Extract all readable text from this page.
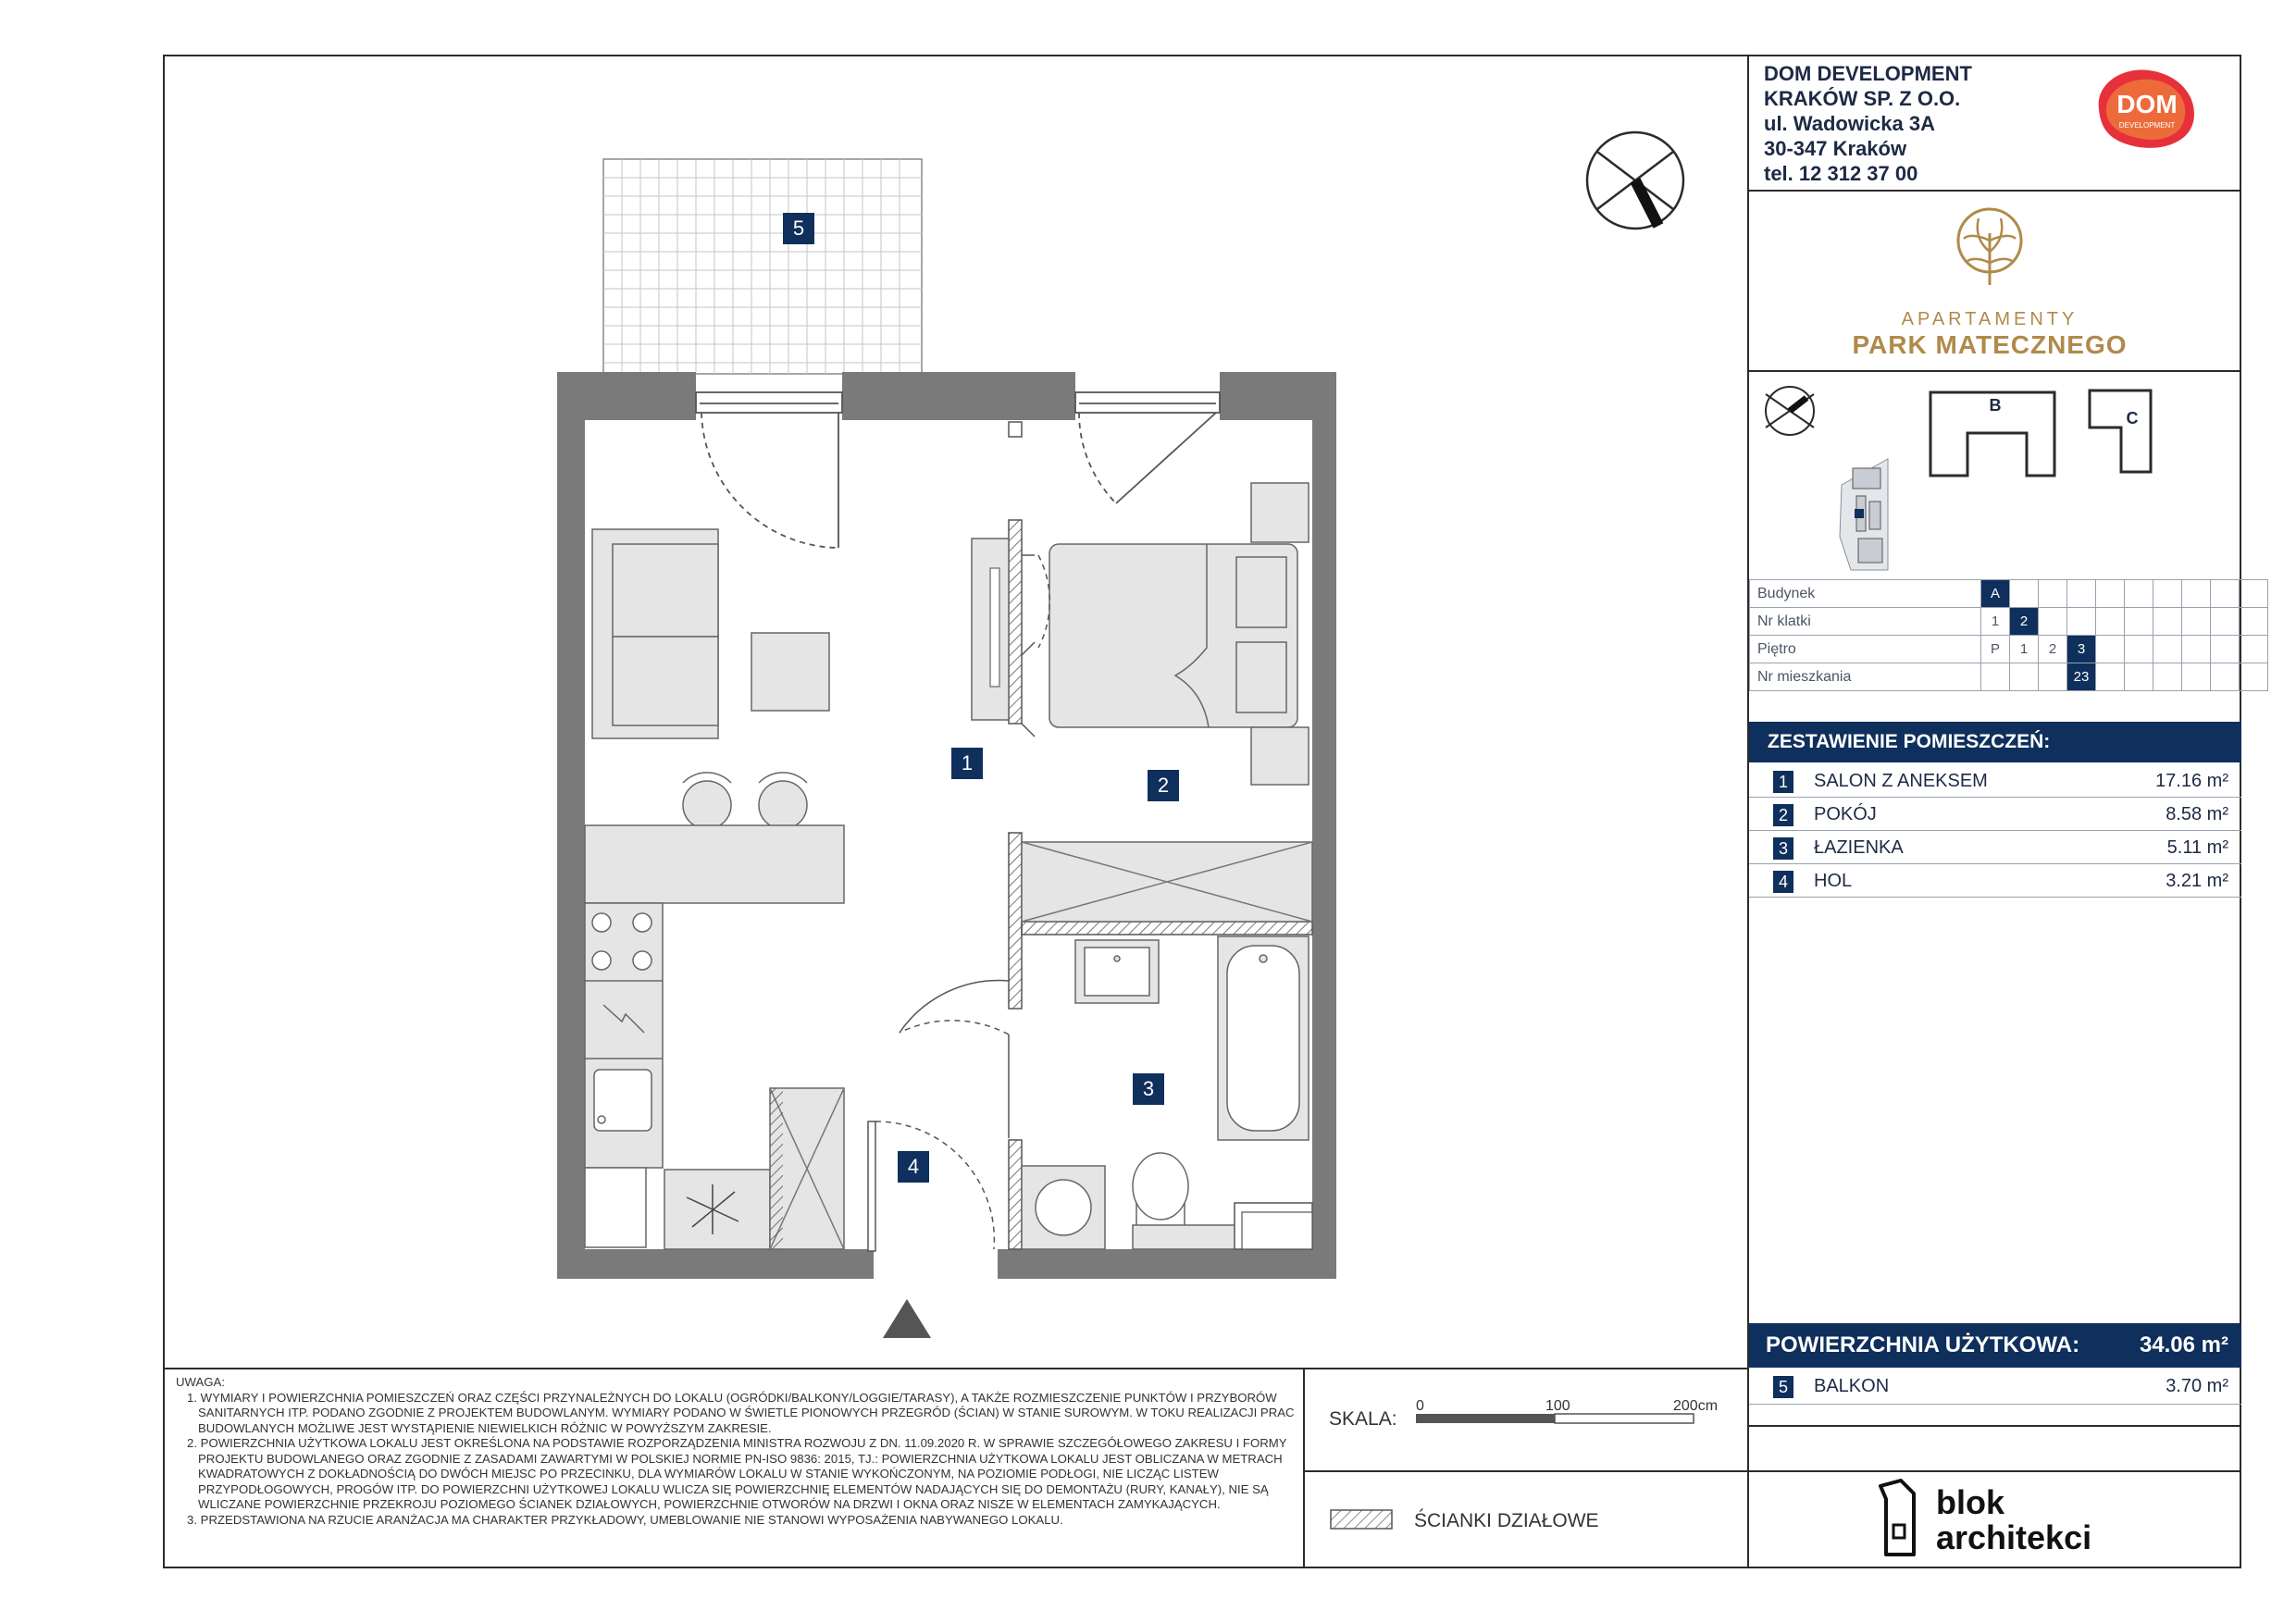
DOM DEVELOPMENT
KRAKÓW SP. Z O.O.
ul. Wadowicka 3A
30-347 Kraków
tel. 12 312 37 00
DOM
DEVELOPMENT
APARTAMENTY
PARK MATECZNEGO
B
C
Budynek	A									
Nr klatki	1	2								
Piętro	P	1	2	3						
Nr mieszkania				23						
ZESTAWIENIE POMIESZCZEŃ:
1	SALON Z ANEKSEM	17.16 m²
2	POKÓJ	8.58 m²
3	ŁAZIENKA	5.11 m²
4	HOL	3.21 m²
POWIERZCHNIA UŻYTKOWA:	34.06 m²
5	BALKON	3.70 m²
blok
architekci
UWAGA:
1. WYMIARY I POWIERZCHNIA POMIESZCZEŃ ORAZ CZĘŚCI PRZYNALEŻNYCH DO LOKALU (OGRÓDKI/BALKONY/LOGGIE/TARASY), A TAKŻE ROZMIESZCZENIE PUNKTÓW I PRZYBORÓW SANITARNYCH ITP. PODANO ZGODNIE Z PROJEKTEM BUDOWLANYM. WYMIARY PODANO W ŚWIETLE PIONOWYCH PRZEGRÓD (ŚCIAN) W STANIE SUROWYM. W TOKU REALIZACJI PRAC BUDOWLANYCH MOŻLIWE JEST WYSTĄPIENIE NIEWIELKICH RÓŻNIC W POWYŻSZYM ZAKRESIE.
2. POWIERZCHNIA UŻYTKOWA LOKALU JEST OKREŚLONA NA PODSTAWIE ROZPORZĄDZENIA MINISTRA ROZWOJU Z DN. 11.09.2020 R. W SPRAWIE SZCZEGÓŁOWEGO ZAKRESU I FORMY PROJEKTU BUDOWLANEGO ORAZ ZGODNIE Z ZASADAMI ZAWARTYMI W POLSKIEJ NORMIE PN-ISO 9836: 2015, TJ.: POWIERZCHNIA UŻYTKOWA LOKALU JEST OBLICZANA W METRACH KWADRATOWYCH Z DOKŁADNOŚCIĄ DO DWÓCH MIEJSC PO PRZECINKU, DLA WYMIARÓW LOKALU W STANIE WYKOŃCZONYM, NA POZIOMIE PODŁOGI, NIE LICZĄC LISTEW PRZYPODŁOGOWYCH, PROGÓW ITP. DO POWIERZCHNI UŻYTKOWEJ LOKALU WLICZA SIĘ POWIERZCHNIĘ ELEMENTÓW NADAJĄCYCH SIĘ DO DEMONTAŻU (RURY, KANAŁY), NIE SĄ WLICZANE POWIERZCHNIE PRZEKROJU POZIOMEGO ŚCIANEK DZIAŁOWYCH, POWIERZCHNIE OTWORÓW NA DRZWI I OKNA ORAZ NISZE W ELEMENTACH ZAMYKAJĄCYCH.
3. PRZEDSTAWIONA NA RZUCIE ARANŻACJA MA CHARAKTER PRZYKŁADOWY, UMEBLOWANIE NIE STANOWI WYPOSAŻENIA NABYWANEGO LOKALU.
SKALA:
0	100	200cm
ŚCIANKI DZIAŁOWE
5
1
2
3
4
